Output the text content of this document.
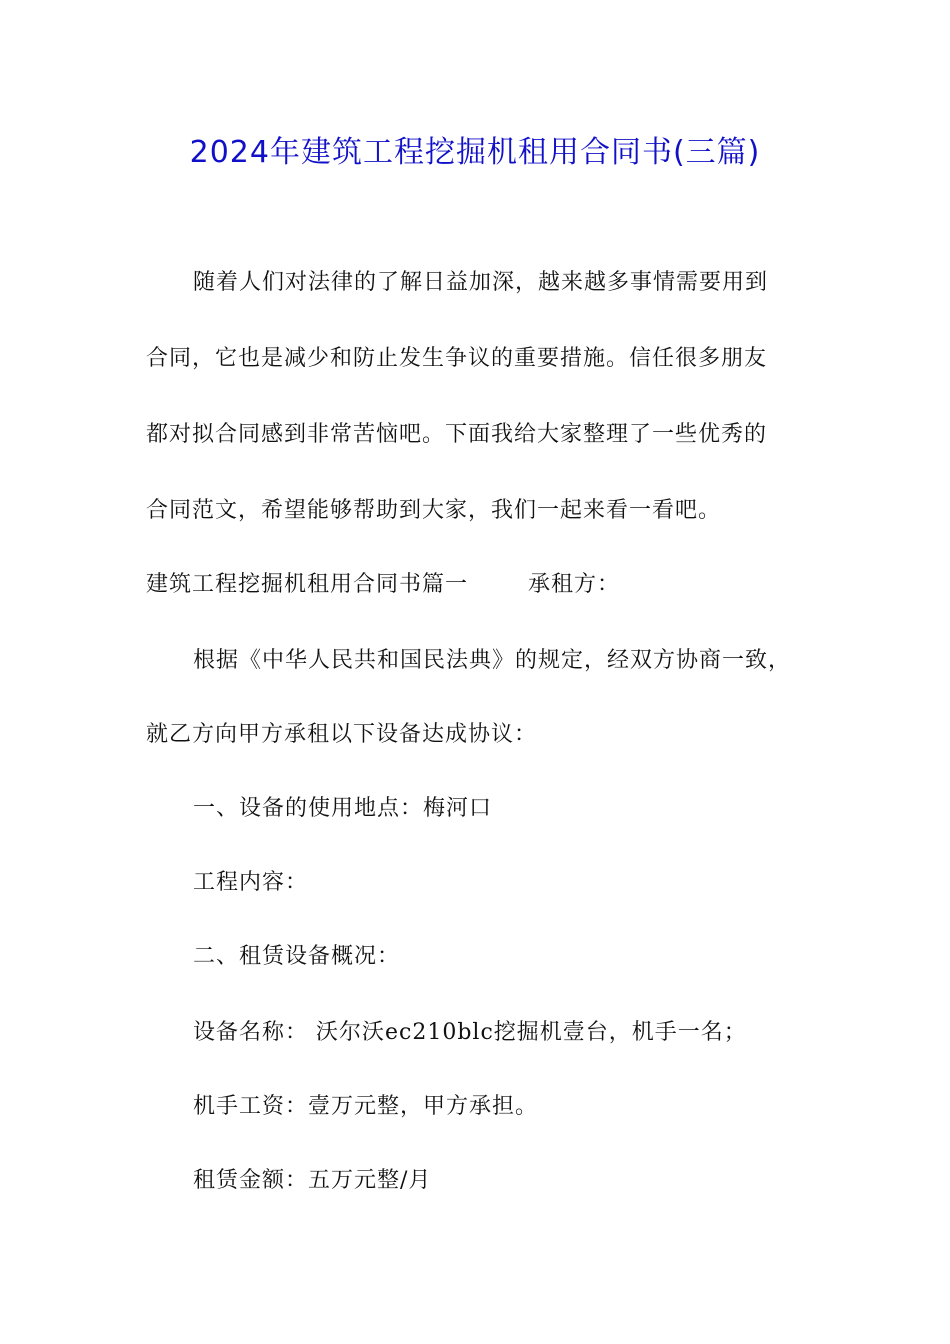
2024年建筑工程挖掘机租用合同书(三篇)
随着人们对法律的了解日益加深，越来越多事情需要用到
合同，它也是减少和防止发生争议的重要措施。信任很多朋友
都对拟合同感到非常苦恼吧。下面我给大家整理了一些优秀的
合同范文，希望能够帮助到大家，我们一起来看一看吧。
建筑工程挖掘机租用合同书篇一	承租方：
根据《中华人民共和国民法典》的规定，经双方协商一致，
就乙方向甲方承租以下设备达成协议：
一、设备的使用地点：梅河口
工程内容：
二、租赁设备概况：
设备名称： 沃尔沃ec210blc挖掘机壹台，机手一名；
机手工资：壹万元整，甲方承担。
租赁金额：五万元整/月
